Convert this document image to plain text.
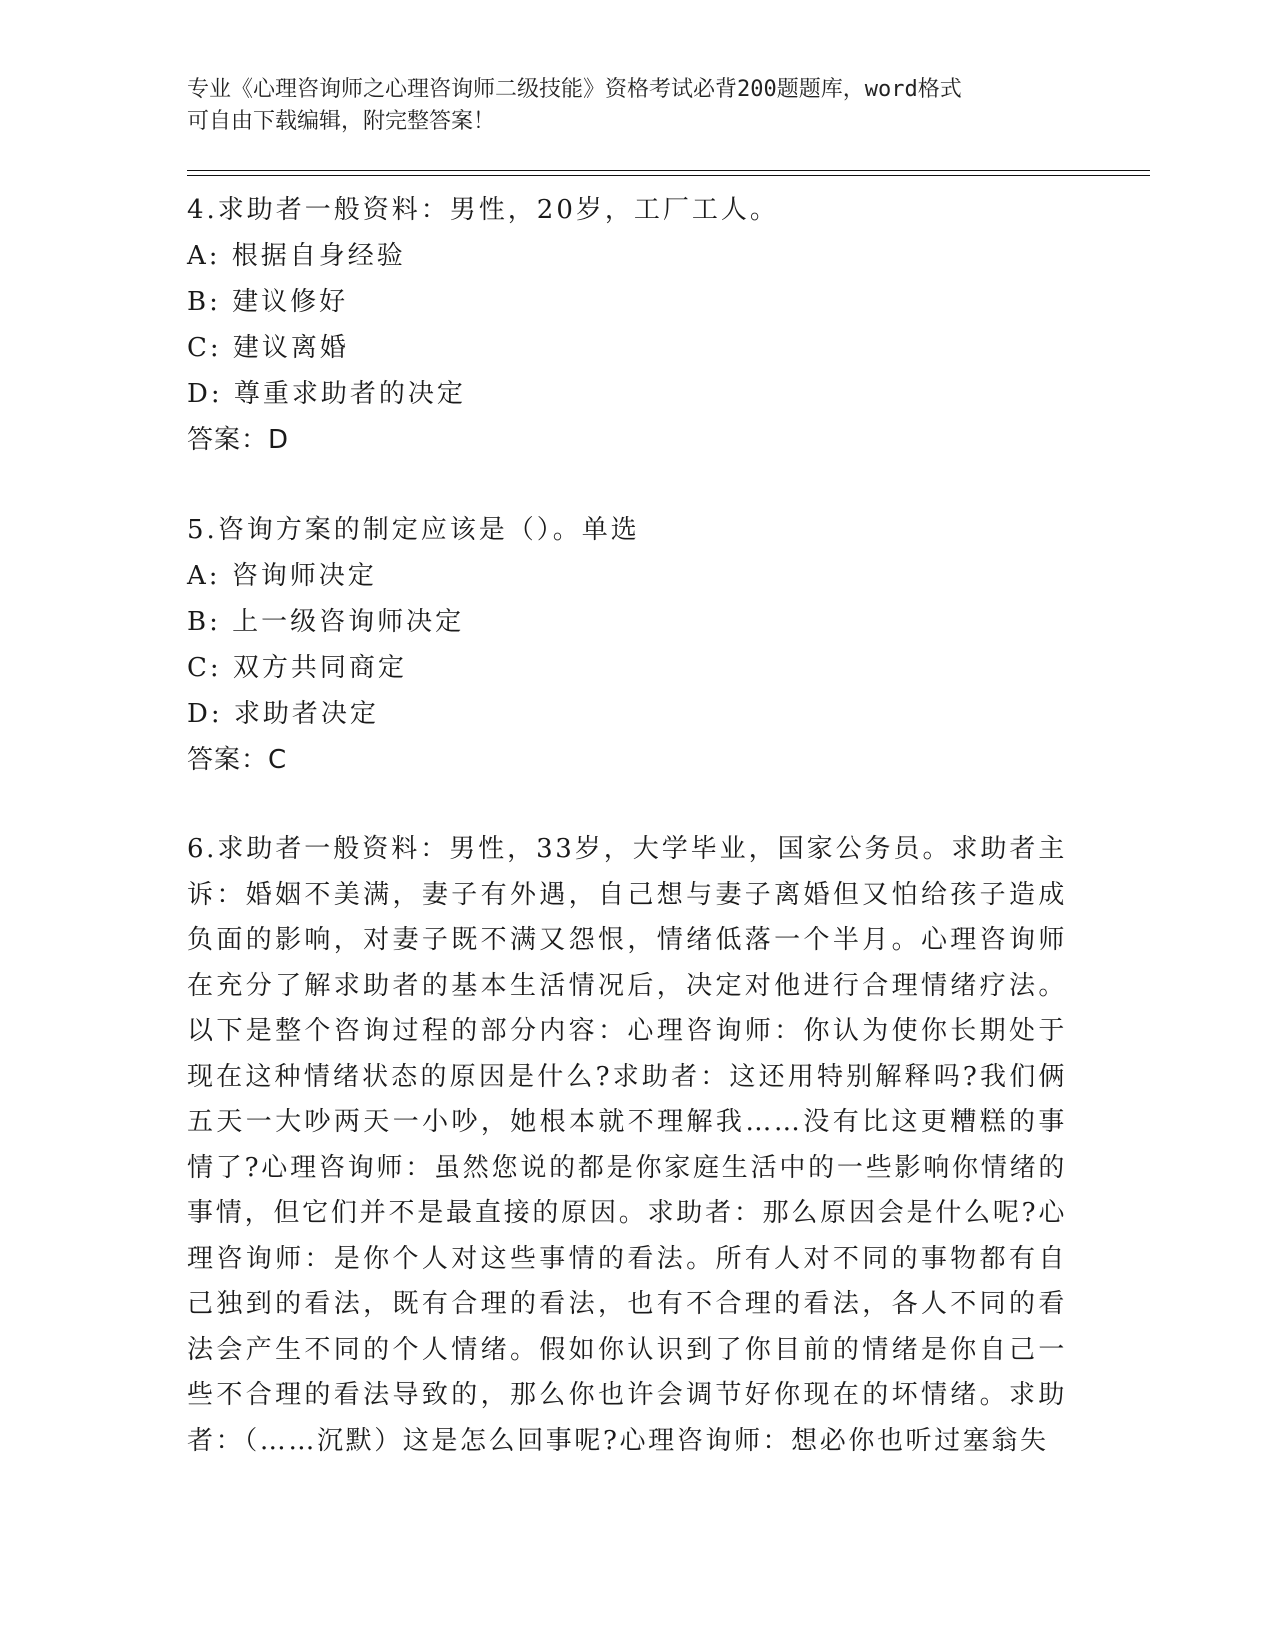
专业《心理咨询师之心理咨询师二级技能》资格考试必背200题题库，word格式
可自由下载编辑，附完整答案！
4.求助者一般资料：男性，20岁，工厂工人。
A: 根据自身经验
B: 建议修好
C: 建议离婚
D: 尊重求助者的决定
答案：D
5.咨询方案的制定应该是（）。单选
A: 咨询师决定
B: 上一级咨询师决定
C: 双方共同商定
D: 求助者决定
答案：C
6.求助者一般资料：男性，33岁，大学毕业，国家公务员。求助者主诉：婚姻不美满，妻子有外遇，自己想与妻子离婚但又怕给孩子造成负面的影响，对妻子既不满又怨恨，情绪低落一个半月。心理咨询师在充分了解求助者的基本生活情况后，决定对他进行合理情绪疗法。以下是整个咨询过程的部分内容：心理咨询师：你认为使你长期处于现在这种情绪状态的原因是什么?求助者：这还用特别解释吗?我们俩五天一大吵两天一小吵，她根本就不理解我……没有比这更糟糕的事情了?心理咨询师：虽然您说的都是你家庭生活中的一些影响你情绪的事情，但它们并不是最直接的原因。求助者：那么原因会是什么呢?心理咨询师：是你个人对这些事情的看法。所有人对不同的事物都有自己独到的看法，既有合理的看法，也有不合理的看法，各人不同的看法会产生不同的个人情绪。假如你认识到了你目前的情绪是你自己一些不合理的看法导致的，那么你也许会调节好你现在的坏情绪。求助者：（……沉默）这是怎么回事呢?心理咨询师：想必你也听过塞翁失
